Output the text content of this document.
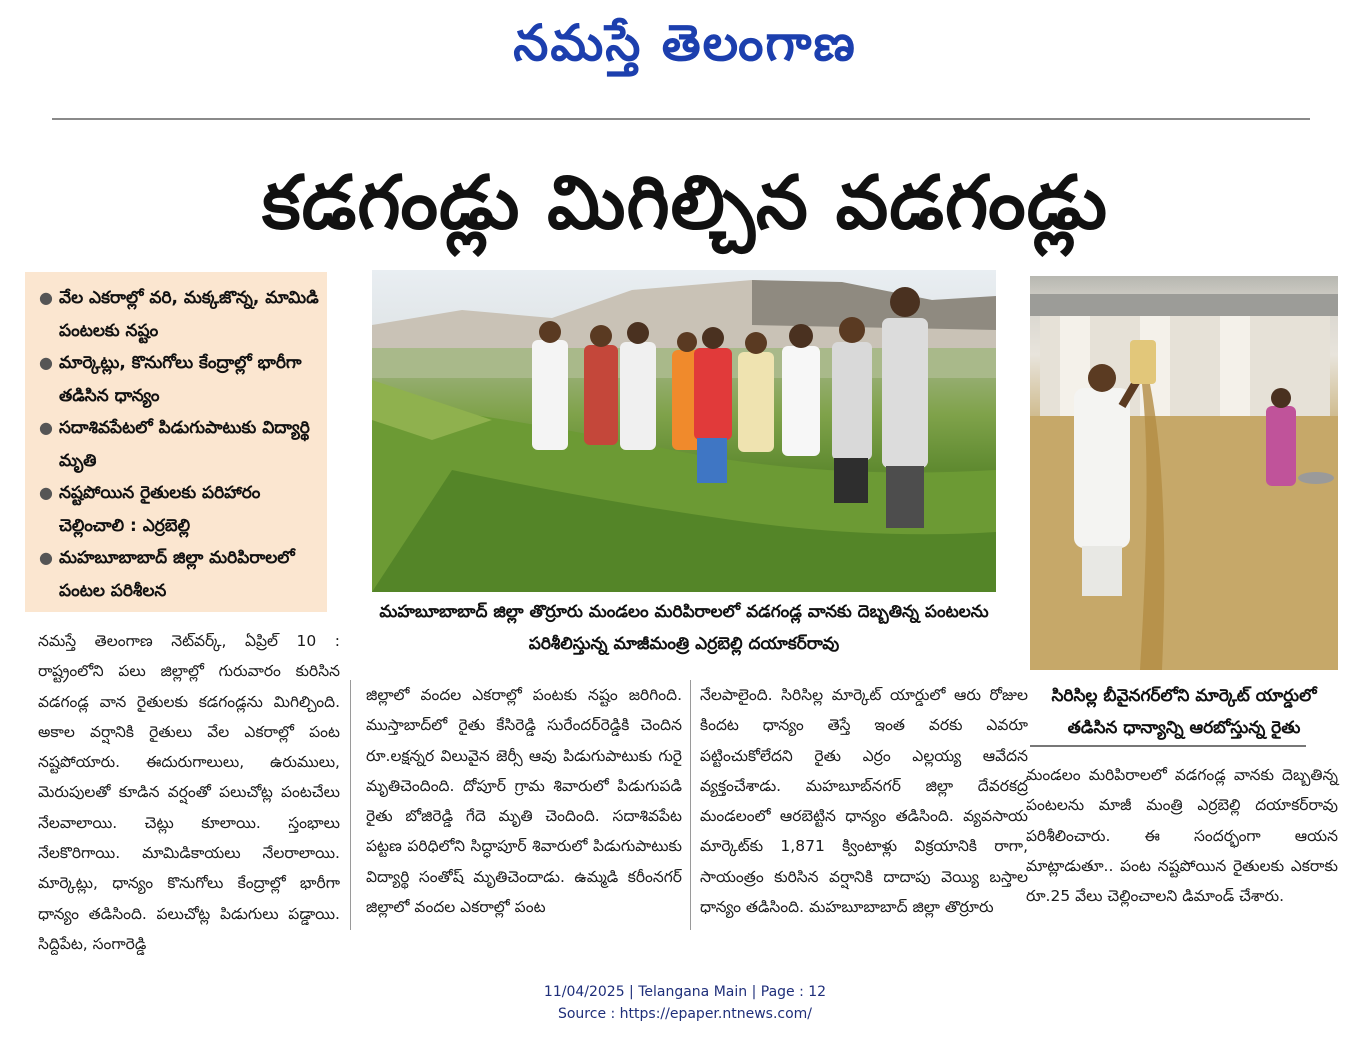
నమస్తే తెలంగాణ
కడగండ్లు మిగిల్చిన వడగండ్లు
● వేల ఎకరాల్లో వరి, మక్కజొన్న, మామిడి పంటలకు నష్టం
● మార్కెట్లు, కొనుగోలు కేంద్రాల్లో భారీగా తడిసిన ధాన్యం
● సదాశివపేటలో పిడుగుపాటుకు విద్యార్థి మృతి
● నష్టపోయిన రైతులకు పరిహారం చెల్లించాలి : ఎర్రబెల్లి
● మహబూబాబాద్ జిల్లా మరిపిరాలలో పంటల పరిశీలన
మహబూబాబాద్ జిల్లా తొర్రూరు మండలం మరిపిరాలలో వడగండ్ల వానకు దెబ్బతిన్న పంటలను పరిశీలిస్తున్న మాజీమంత్రి ఎర్రబెల్లి దయాకర్‌రావు
సిరిసిల్ల బీవైనగర్‌లోని మార్కెట్ యార్డులో తడిసిన ధాన్యాన్ని ఆరబోస్తున్న రైతు

నమస్తే తెలంగాణ నెట్‌వర్క్, ఏప్రిల్ 10 : రాష్ట్రంలోని పలు జిల్లాల్లో గురువారం కురిసిన వడగండ్ల వాన రైతులకు కడగండ్లను మిగిల్చింది. అకాల వర్షానికి రైతులు వేల ఎకరాల్లో పంట నష్టపోయారు. ఈదురుగాలులు, ఉరుములు, మెరుపులతో కూడిన వర్షంతో పలుచోట్ల పంటచేలు నేలవాలాయి. చెట్లు కూలాయి. స్తంభాలు నేలకొరిగాయి. మామిడికాయలు నేలరాలాయి. మార్కెట్లు, ధాన్యం కొనుగోలు కేంద్రాల్లో భారీగా ధాన్యం తడిసింది. పలుచోట్ల పిడుగులు పడ్డాయి. సిద్దిపేట, సంగారెడ్డి

జిల్లాలో వందల ఎకరాల్లో పంటకు నష్టం జరిగింది. ముస్తాబాద్‌లో రైతు కేసిరెడ్డి సురేందర్‌రెడ్డికి చెందిన రూ.లక్షన్నర విలువైన జెర్సీ ఆవు పిడుగుపాటుకు గురై మృతిచెందింది. దోపూర్ గ్రామ శివారులో పిడుగుపడి రైతు బోజిరెడ్డి గేదె మృతి చెందింది. సదాశివపేట పట్టణ పరిధిలోని సిద్ధాపూర్ శివారులో పిడుగుపాటుకు విద్యార్థి సంతోష్ మృతిచెందాడు. ఉమ్మడి కరీంనగర్ జిల్లాలో వందల ఎకరాల్లో పంట

నేలపాలైంది. సిరిసిల్ల మార్కెట్ యార్డులో ఆరు రోజుల కిందట ధాన్యం తెస్తే ఇంత వరకు ఎవరూ పట్టించుకోలేదని రైతు ఎర్రం ఎల్లయ్య ఆవేదన వ్యక్తంచేశాడు. మహబూబ్‌నగర్ జిల్లా దేవరకద్ర మండలంలో ఆరబెట్టిన ధాన్యం తడిసింది. వ్యవసాయ మార్కెట్‌కు 1,871 క్వింటాళ్లు విక్రయానికి రాగా, సాయంత్రం కురిసిన వర్షానికి దాదాపు వెయ్యి బస్తాల ధాన్యం తడిసింది. మహబూబాబాద్ జిల్లా తొర్రూరు

మండలం మరిపిరాలలో వడగండ్ల వానకు దెబ్బతిన్న పంటలను మాజీ మంత్రి ఎర్రబెల్లి దయాకర్‌రావు పరిశీలించారు. ఈ సందర్భంగా ఆయన మాట్లాడుతూ.. పంట నష్టపోయిన రైతులకు ఎకరాకు రూ.25 వేలు చెల్లించాలని డిమాండ్ చేశారు.

11/04/2025 | Telangana Main | Page : 12
Source : https://epaper.ntnews.com/
